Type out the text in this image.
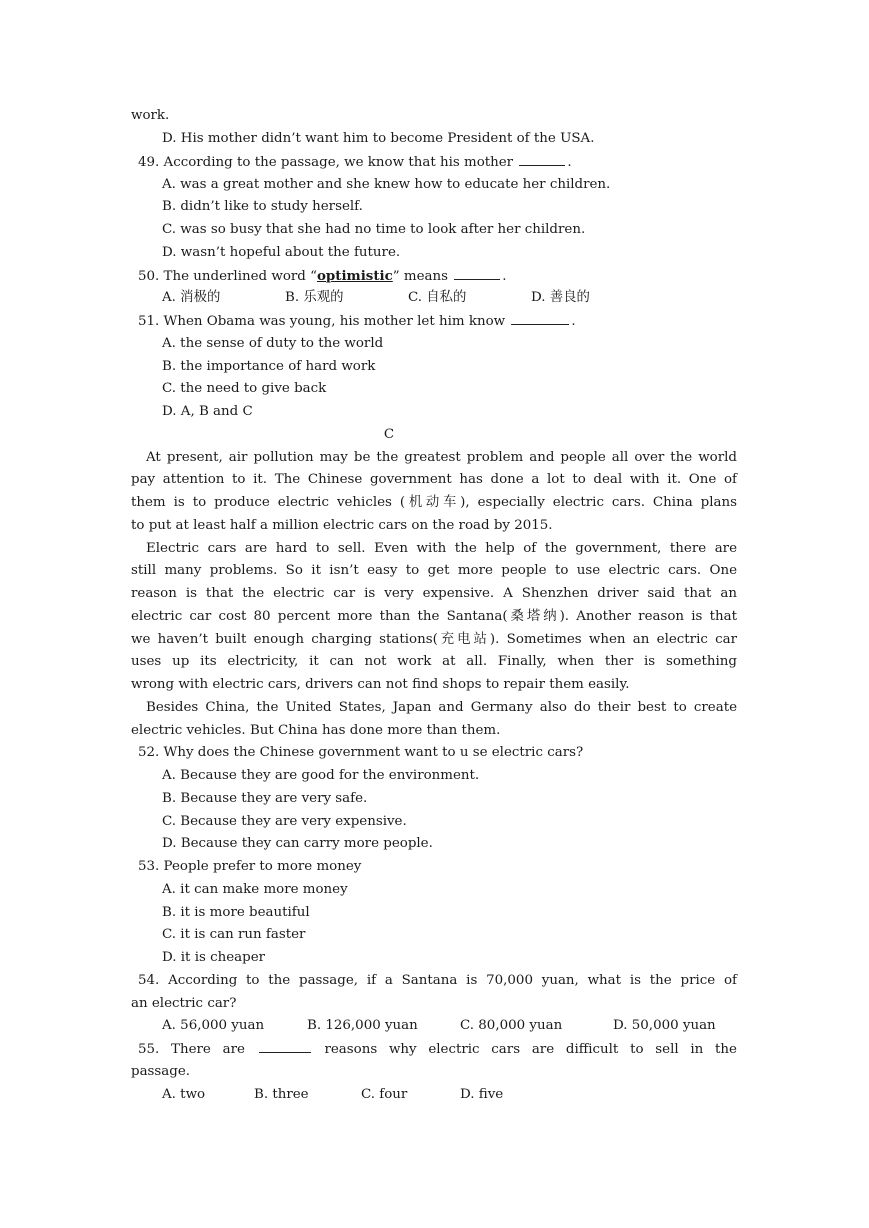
work.
D. His mother didn’t want him to become President of the USA.
49. According to the passage, we know that his mother	.
A. was a great mother and she knew how to educate her children.
B. didn’t like to study herself.
C. was so busy that she had no time to look after her children.
D. wasn’t hopeful about the future.
50. The underlined word “optimistic” means	.
A. 消极的	B. 乐观的	C. 自私的	D. 善良的
51. When Obama was young, his mother let him know	.
A. the sense of duty to the world
B. the importance of hard work
C. the need to give back
D. A, B and C
C
At present, air pollution may be the greatest problem and people all over the world
pay attention to it. The Chinese government has done a lot to deal with it. One of
them is to produce electric vehicles (机动车), especially electric cars. China plans
to put at least half a million electric cars on the road by 2015.
Electric cars are hard to sell. Even with the help of the government, there are
still many problems. So it isn’t easy to get more people to use electric cars. One
reason is that the electric car is very expensive. A Shenzhen driver said that an
electric car cost 80 percent more than the Santana(桑塔纳). Another reason is that
we haven’t built enough charging stations(充电站). Sometimes when an electric car
uses up its electricity, it can not work at all. Finally, when ther is something
wrong with electric cars, drivers can not find shops to repair them easily.
Besides China, the United States, Japan and Germany also do their best to create
electric vehicles. But China has done more than them.
52. Why does the Chinese government want to u se electric cars?
A. Because they are good for the environment.
B. Because they are very safe.
C. Because they are very expensive.
D. Because they can carry more people.
53. People prefer to more money
A. it can make more money
B. it is more beautiful
C. it is can run faster
D. it is cheaper
54. According to the passage, if a Santana is 70,000 yuan, what is the price of
an electric car?
A. 56,000 yuan	B. 126,000 yuan	C. 80,000 yuan	D. 50,000 yuan
55. There are	reasons why electric cars are difficult to sell in the
passage.
A. two	B. three	C. four	D. five
